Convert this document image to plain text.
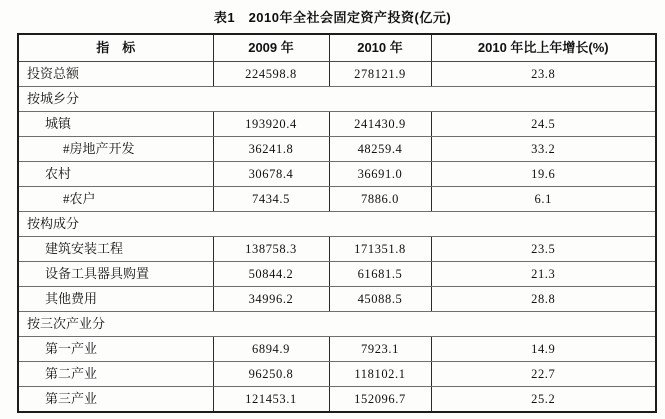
表1　2010年全社会固定资产投资(亿元)
指　标	2009 年	2010 年	2010 年比上年增长(%)
投资总额	224598.8	278121.9	23.8
按城乡分			
城镇	193920.4	241430.9	24.5
#房地产开发	36241.8	48259.4	33.2
农村	30678.4	36691.0	19.6
#农户	7434.5	7886.0	6.1
按构成分			
建筑安装工程	138758.3	171351.8	23.5
设备工具器具购置	50844.2	61681.5	21.3
其他费用	34996.2	45088.5	28.8
按三次产业分			
第一产业	6894.9	7923.1	14.9
第二产业	96250.8	118102.1	22.7
第三产业	121453.1	152096.7	25.2
